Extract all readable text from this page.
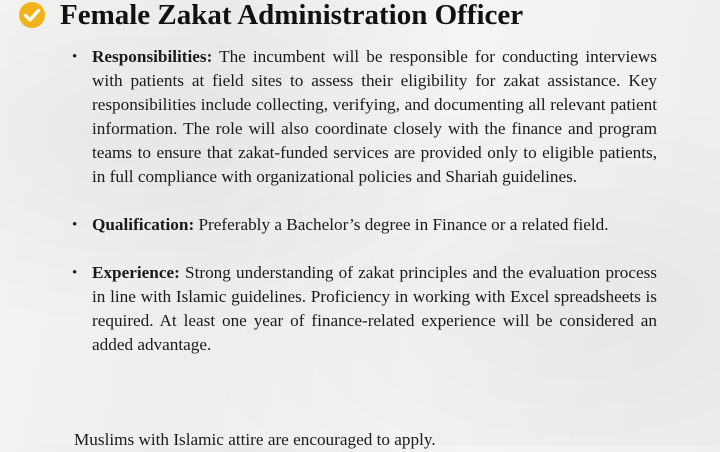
Female Zakat Administration Officer
• Responsibilities: The incumbent will be responsible for conducting interviews with patients at field sites to assess their eligibility for zakat assistance. Key responsibilities include collecting, verifying, and documenting all relevant patient information. The role will also coordinate closely with the finance and program teams to ensure that zakat-funded services are provided only to eligible patients, in full compliance with organizational policies and Shariah guidelines.
• Qualification: Preferably a Bachelor’s degree in Finance or a related field.
• Experience: Strong understanding of zakat principles and the evaluation process in line with Islamic guidelines. Proficiency in working with Excel spreadsheets is required. At least one year of finance-related experience will be considered an added advantage.
Muslims with Islamic attire are encouraged to apply.
